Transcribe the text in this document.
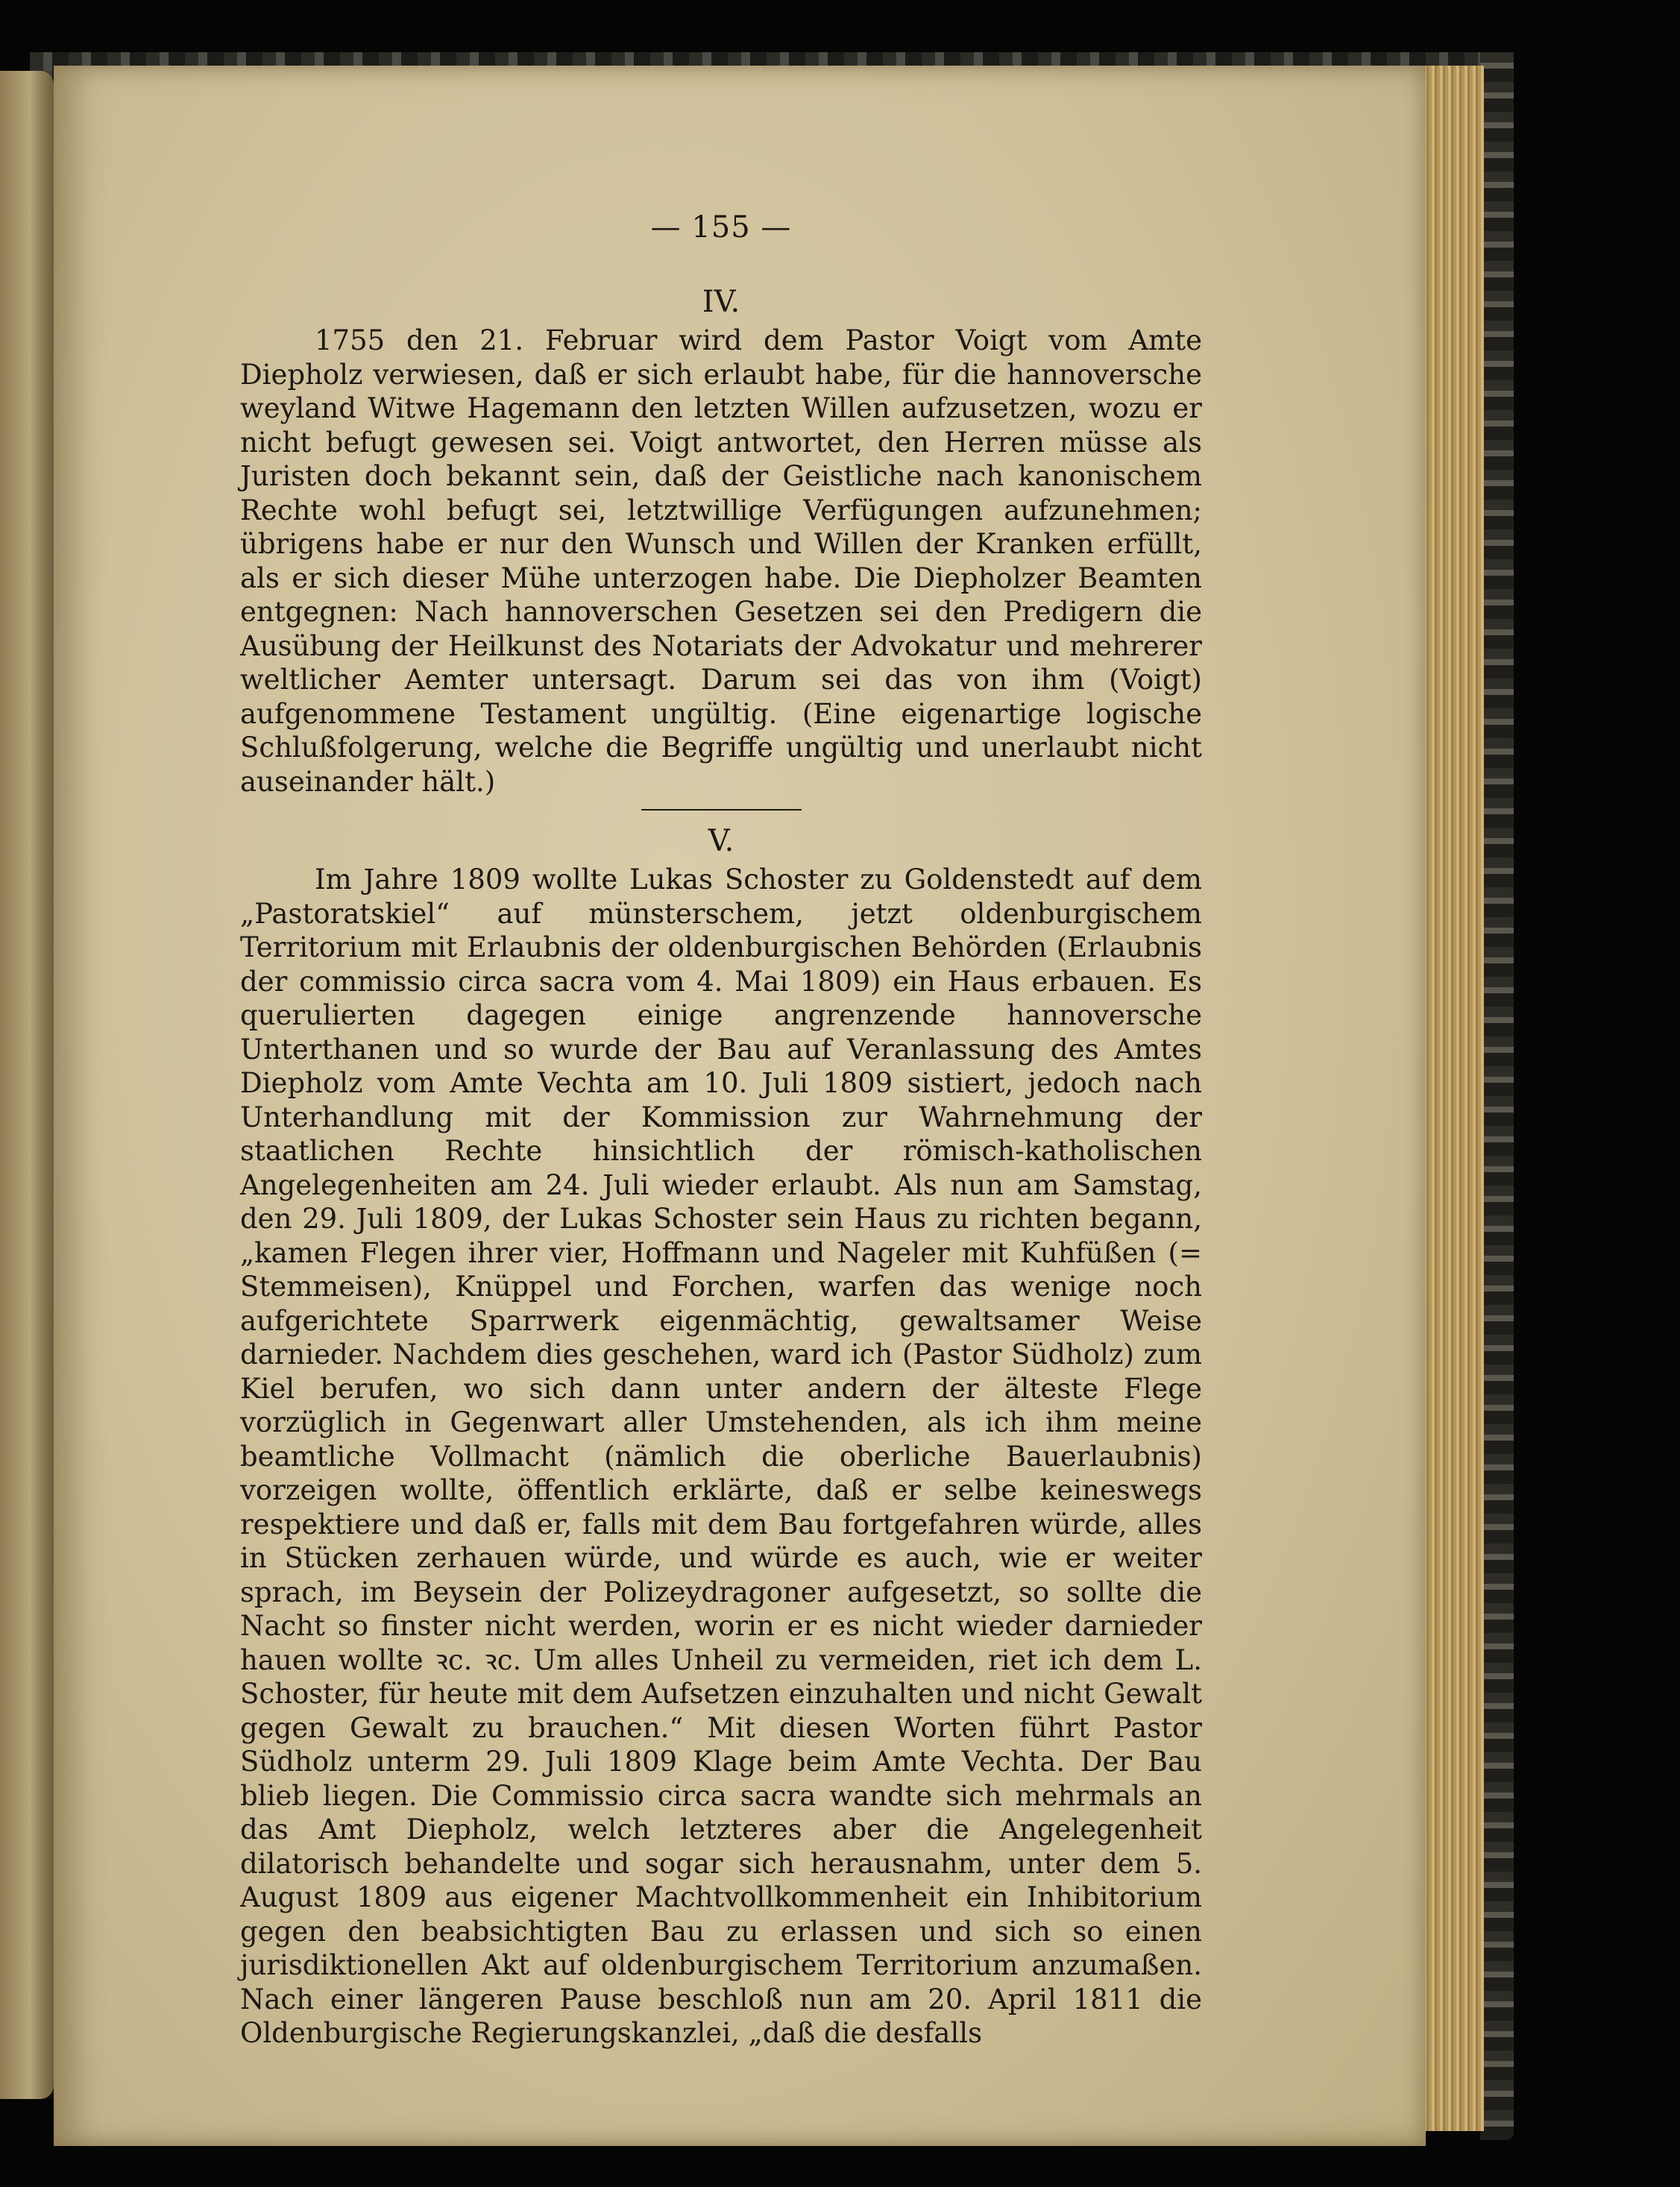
— 155 —
IV.

1755 den 21. Februar wird dem Pastor Voigt vom Amte Diepholz verwiesen, daß er sich erlaubt habe, für die hannoversche weyland Witwe Hagemann den letzten Willen aufzusetzen, wozu er nicht befugt gewesen sei. Voigt antwortet, den Herren müsse als Juristen doch bekannt sein, daß der Geistliche nach kanonischem Rechte wohl befugt sei, letztwillige Verfügungen aufzunehmen; übrigens habe er nur den Wunsch und Willen der Kranken erfüllt, als er sich dieser Mühe unterzogen habe. Die Diepholzer Beamten entgegnen: Nach hannoverschen Gesetzen sei den Predigern die Ausübung der Heilkunst des Notariats der Advokatur und mehrerer weltlicher Aemter untersagt. Darum sei das von ihm (Voigt) aufgenommene Testament ungültig. (Eine eigenartige logische Schlußfolgerung, welche die Begriffe ungültig und unerlaubt nicht auseinander hält.)

V.

Im Jahre 1809 wollte Lukas Schoster zu Goldenstedt auf dem „Pastoratskiel“ auf münsterschem, jetzt oldenburgischem Territorium mit Erlaubnis der oldenburgischen Behörden (Erlaubnis der commissio circa sacra vom 4. Mai 1809) ein Haus erbauen. Es querulierten dagegen einige angrenzende hannoversche Unterthanen und so wurde der Bau auf Veranlassung des Amtes Diepholz vom Amte Vechta am 10. Juli 1809 sistiert, jedoch nach Unterhandlung mit der Kommission zur Wahrnehmung der staatlichen Rechte hinsichtlich der römisch-katholischen Angelegenheiten am 24. Juli wieder erlaubt. Als nun am Samstag, den 29. Juli 1809, der Lukas Schoster sein Haus zu richten begann, „kamen Flegen ihrer vier, Hoffmann und Nageler mit Kuhfüßen (= Stemmeisen), Knüppel und Forchen, warfen das wenige noch aufgerichtete Sparrwerk eigenmächtig, gewaltsamer Weise darnieder. Nachdem dies geschehen, ward ich (Pastor Südholz) zum Kiel berufen, wo sich dann unter andern der älteste Flege vorzüglich in Gegenwart aller Umstehenden, als ich ihm meine beamtliche Vollmacht (nämlich die oberliche Bauerlaubnis) vorzeigen wollte, öffentlich erklärte, daß er selbe keineswegs respektiere und daß er, falls mit dem Bau fortgefahren würde, alles in Stücken zerhauen würde, und würde es auch, wie er weiter sprach, im Beysein der Polizeydragoner aufgesetzt, so sollte die Nacht so finster nicht werden, worin er es nicht wieder darnieder hauen wollte ꝛc. ꝛc. Um alles Unheil zu vermeiden, riet ich dem L. Schoster, für heute mit dem Aufsetzen einzuhalten und nicht Gewalt gegen Gewalt zu brauchen.“ Mit diesen Worten führt Pastor Südholz unterm 29. Juli 1809 Klage beim Amte Vechta. Der Bau blieb liegen. Die Commissio circa sacra wandte sich mehrmals an das Amt Diepholz, welch letzteres aber die Angelegenheit dilatorisch behandelte und sogar sich herausnahm, unter dem 5. August 1809 aus eigener Machtvollkommenheit ein Inhibitorium gegen den beabsichtigten Bau zu erlassen und sich so einen jurisdiktionellen Akt auf oldenburgischem Territorium anzumaßen. Nach einer längeren Pause beschloß nun am 20. April 1811 die Oldenburgische Regierungskanzlei, „daß die desfalls
